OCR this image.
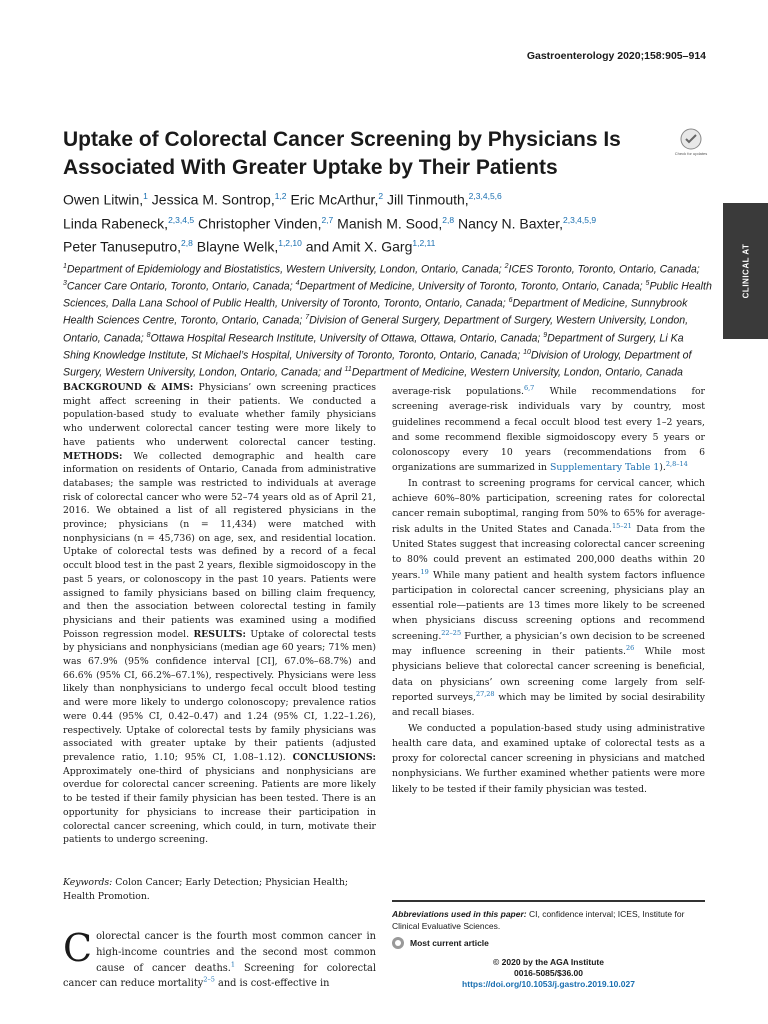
Gastroenterology 2020;158:905–914
Uptake of Colorectal Cancer Screening by Physicians Is Associated With Greater Uptake by Their Patients
Check for updates
Owen Litwin,$^1$ Jessica M. Sontrop,$^{1,2}$ Eric McArthur,$^2$ Jill Tinmouth,$^{2,3,4,5,6}$
Linda Rabeneck,$^{2,3,4,5}$ Christopher Vinden,$^{2,7}$ Manish M. Sood,$^{2,8}$ Nancy N. Baxter,$^{2,3,4,5,9}$
Peter Tanuseputro,$^{2,8}$ Blayne Welk,$^{1,2,10}$ and Amit X. Garg$^{1,2,11}$
$^1$Department of Epidemiology and Biostatistics, Western University, London, Ontario, Canada; $^2$ICES Toronto, Toronto, Ontario, Canada; $^3$Cancer Care Ontario, Toronto, Ontario, Canada; $^4$Department of Medicine, University of Toronto, Toronto, Ontario, Canada; $^5$Public Health Sciences, Dalla Lana School of Public Health, University of Toronto, Toronto, Ontario, Canada; $^6$Department of Medicine, Sunnybrook Health Sciences Centre, Toronto, Ontario, Canada; $^7$Division of General Surgery, Department of Surgery, Western University, London, Ontario, Canada; $^8$Ottawa Hospital Research Institute, University of Ottawa, Ottawa, Ontario, Canada; $^9$Department of Surgery, Li Ka Shing Knowledge Institute, St Michael’s Hospital, University of Toronto, Toronto, Ontario, Canada; $^{10}$Division of Urology, Department of Surgery, Western University, London, Ontario, Canada; and $^{11}$Department of Medicine, Western University, London, Ontario, Canada
CLINICAL AT
BACKGROUND & AIMS: Physicians’ own screening practices might affect screening in their patients. We conducted a population-based study to evaluate whether family physicians who underwent colorectal cancer testing were more likely to have patients who underwent colorectal cancer testing. METHODS: We collected demographic and health care information on residents of Ontario, Canada from administrative databases; the sample was restricted to individuals at average risk of colorectal cancer who were 52–74 years old as of April 21, 2016. We obtained a list of all registered physicians in the province; physicians (n = 11,434) were matched with nonphysicians (n = 45,736) on age, sex, and residential location. Uptake of colorectal tests was defined by a record of a fecal occult blood test in the past 2 years, flexible sigmoidoscopy in the past 5 years, or colonoscopy in the past 10 years. Patients were assigned to family physicians based on billing claim frequency, and then the association between colorectal testing in family physicians and their patients was examined using a modified Poisson regression model. RESULTS: Uptake of colorectal tests by physicians and nonphysicians (median age 60 years; 71% men) was 67.9% (95% confidence interval [CI], 67.0%–68.7%) and 66.6% (95% CI, 66.2%–67.1%), respectively. Physicians were less likely than nonphysicians to undergo fecal occult blood testing and were more likely to undergo colonoscopy; prevalence ratios were 0.44 (95% CI, 0.42–0.47) and 1.24 (95% CI, 1.22–1.26), respectively. Uptake of colorectal tests by family physicians was associated with greater uptake by their patients (adjusted prevalence ratio, 1.10; 95% CI, 1.08–1.12). CONCLUSIONS: Approximately one-third of physicians and nonphysicians are overdue for colorectal cancer screening. Patients are more likely to be tested if their family physician has been tested. There is an opportunity for physicians to increase their participation in colorectal cancer screening, which could, in turn, motivate their patients to undergo screening.
Keywords: Colon Cancer; Early Detection; Physician Health; Health Promotion.
Colorectal cancer is the fourth most common cancer in high-income countries and the second most common cause of cancer deaths.$^1$ Screening for colorectal cancer can reduce mortality$^{2-5}$ and is cost-effective in

average-risk populations.$^{6,7}$ While recommendations for screening average-risk individuals vary by country, most guidelines recommend a fecal occult blood test every 1–2 years, and some recommend flexible sigmoidoscopy every 5 years or colonoscopy every 10 years (recommendations from 6 organizations are summarized in Supplementary Table 1).$^{2,8-14}$

In contrast to screening programs for cervical cancer, which achieve 60%–80% participation, screening rates for colorectal cancer remain suboptimal, ranging from 50% to 65% for average-risk adults in the United States and Canada.$^{15-21}$ Data from the United States suggest that increasing colorectal cancer screening to 80% could prevent an estimated 200,000 deaths within 20 years.$^{19}$ While many patient and health system factors influence participation in colorectal cancer screening, physicians play an essential role—patients are 13 times more likely to be screened when physicians discuss screening options and recommend screening.$^{22-25}$ Further, a physician’s own decision to be screened may influence screening in their patients.$^{26}$ While most physicians believe that colorectal cancer screening is beneficial, data on physicians’ own screening come largely from self-reported surveys,$^{27,28}$ which may be limited by social desirability and recall biases.

We conducted a population-based study using administrative health care data, and examined uptake of colorectal tests as a proxy for colorectal cancer screening in physicians and matched nonphysicians. We further examined whether patients were more likely to be tested if their family physician was tested.

Abbreviations used in this paper: CI, confidence interval; ICES, Institute for Clinical Evaluative Sciences.
Most current article
© 2020 by the AGA Institute
0016-5085/$36.00
https://doi.org/10.1053/j.gastro.2019.10.027
